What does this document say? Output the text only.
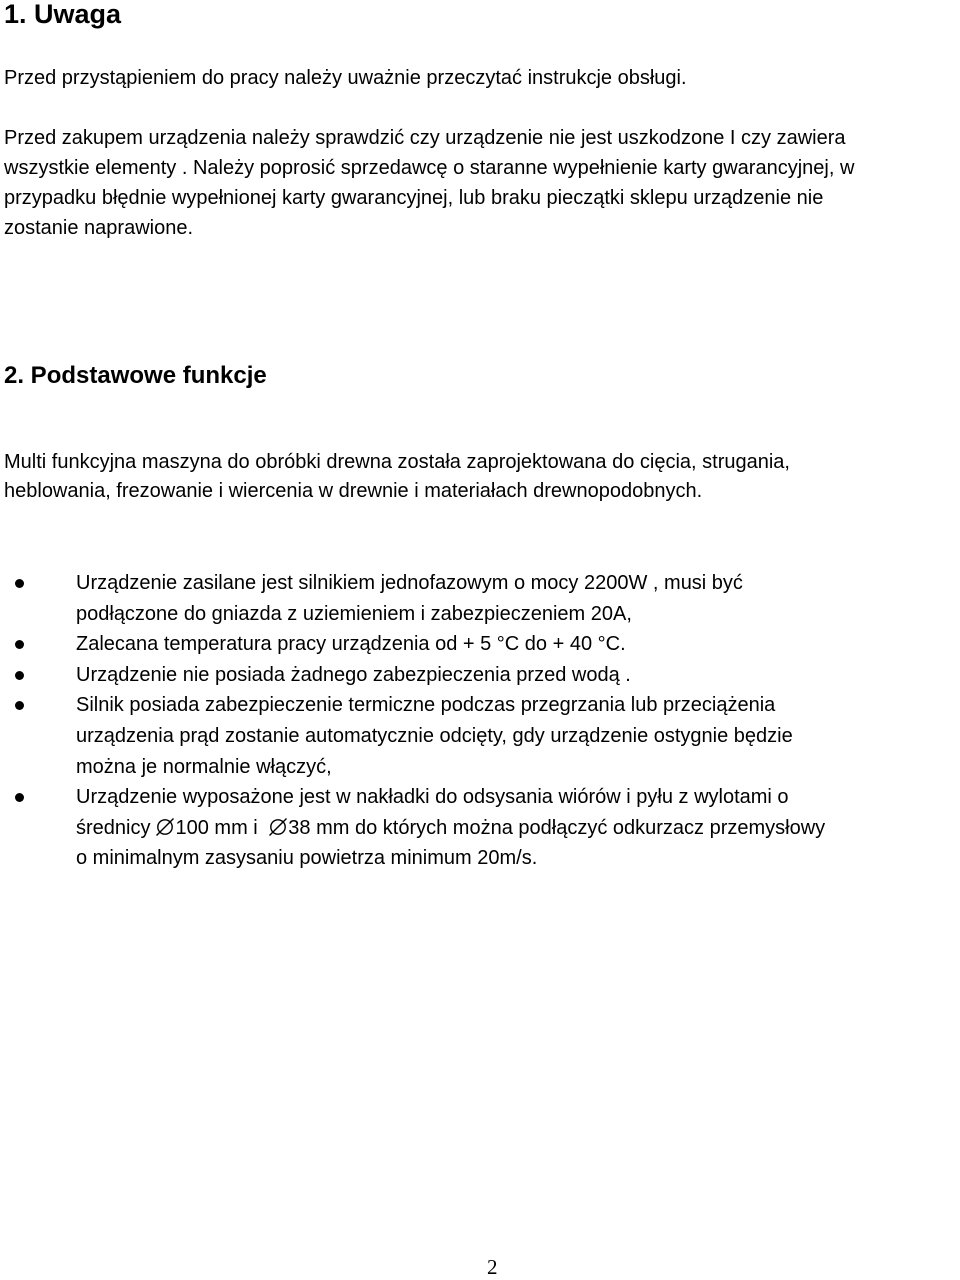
1. Uwaga

Przed przystąpieniem do pracy należy uważnie przeczytać instrukcje obsługi.

Przed zakupem urządzenia należy sprawdzić czy urządzenie nie jest uszkodzone I czy zawiera
wszystkie elementy . Należy poprosić sprzedawcę o staranne wypełnienie karty gwarancyjnej, w
przypadku błędnie wypełnionej karty gwarancyjnej, lub braku pieczątki sklepu urządzenie nie
zostanie naprawione.

2. Podstawowe funkcje

Multi funkcyjna maszyna do obróbki drewna została zaprojektowana do cięcia, strugania,
heblowania, frezowanie i wiercenia w drewnie i materiałach drewnopodobnych.

Urządzenie zasilane jest silnikiem jednofazowym o mocy 2200W , musi być
podłączone do gniazda z uziemieniem i zabezpieczeniem 20A,
Zalecana temperatura pracy urządzenia od + 5 °C do + 40 °C.
Urządzenie nie posiada żadnego zabezpieczenia przed wodą .
Silnik posiada zabezpieczenie termiczne podczas przegrzania lub przeciążenia
urządzenia prąd zostanie automatycznie odcięty, gdy urządzenie ostygnie będzie
można je normalnie włączyć,
Urządzenie wyposażone jest w nakładki do odsysania wiórów i pyłu z wylotami o
średnicy 100 mm i 38 mm do których można podłączyć odkurzacz przemysłowy
o minimalnym zasysaniu powietrza minimum 20m/s.

2
